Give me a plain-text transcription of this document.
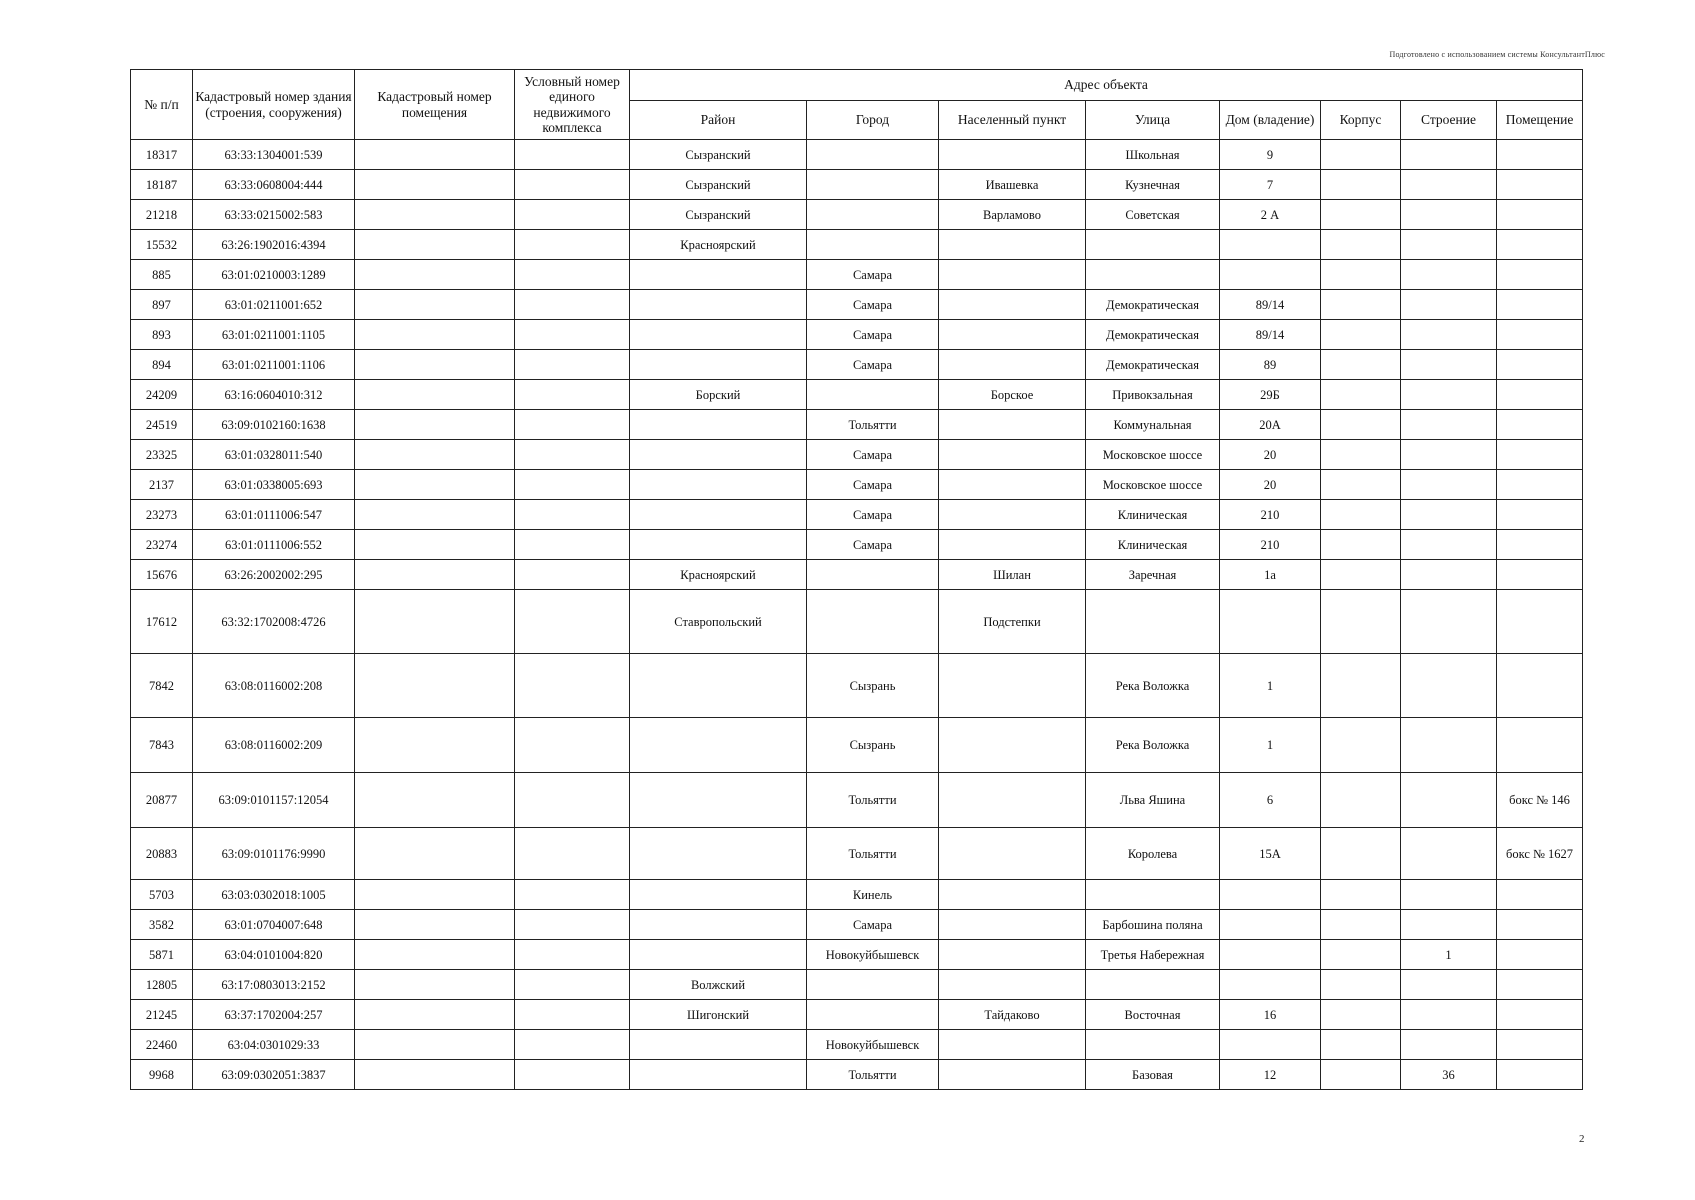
Подготовлено с использованием системы КонсультантПлюс
№ п/п	Кадастровый номер здания (строения, сооружения)	Кадастровый номер помещения	Условный номер единого недвижимого комплекса	Адрес объекта							
				Район	Город	Населенный пункт	Улица	Дом (владение)	Корпус	Строение	Помещение
18317	63:33:1304001:539			Сызранский			Школьная	9			
18187	63:33:0608004:444			Сызранский		Ивашевка	Кузнечная	7			
21218	63:33:0215002:583			Сызранский		Варламово	Советская	2 А			
15532	63:26:1902016:4394			Красноярский							
885	63:01:0210003:1289				Самара						
897	63:01:0211001:652				Самара		Демократическая	89/14			
893	63:01:0211001:1105				Самара		Демократическая	89/14			
894	63:01:0211001:1106				Самара		Демократическая	89			
24209	63:16:0604010:312			Борский		Борское	Привокзальная	29Б			
24519	63:09:0102160:1638				Тольятти		Коммунальная	20А			
23325	63:01:0328011:540				Самара		Московское шоссе	20			
2137	63:01:0338005:693				Самара		Московское шоссе	20			
23273	63:01:0111006:547				Самара		Клиническая	210			
23274	63:01:0111006:552				Самара		Клиническая	210			
15676	63:26:2002002:295			Красноярский		Шилан	Заречная	1а			
17612	63:32:1702008:4726			Ставропольский		Подстепки					
7842	63:08:0116002:208				Сызрань		Река Воложка	1			
7843	63:08:0116002:209				Сызрань		Река Воложка	1			
20877	63:09:0101157:12054				Тольятти		Льва Яшина	6			бокс № 146
20883	63:09:0101176:9990				Тольятти		Королева	15А			бокс № 1627
5703	63:03:0302018:1005				Кинель						
3582	63:01:0704007:648				Самара		Барбошина поляна				
5871	63:04:0101004:820				Новокуйбышевск		Третья Набережная			1	
12805	63:17:0803013:2152			Волжский							
21245	63:37:1702004:257			Шигонский		Тайдаково	Восточная	16			
22460	63:04:0301029:33				Новокуйбышевск						
9968	63:09:0302051:3837				Тольятти		Базовая	12		36	
2
